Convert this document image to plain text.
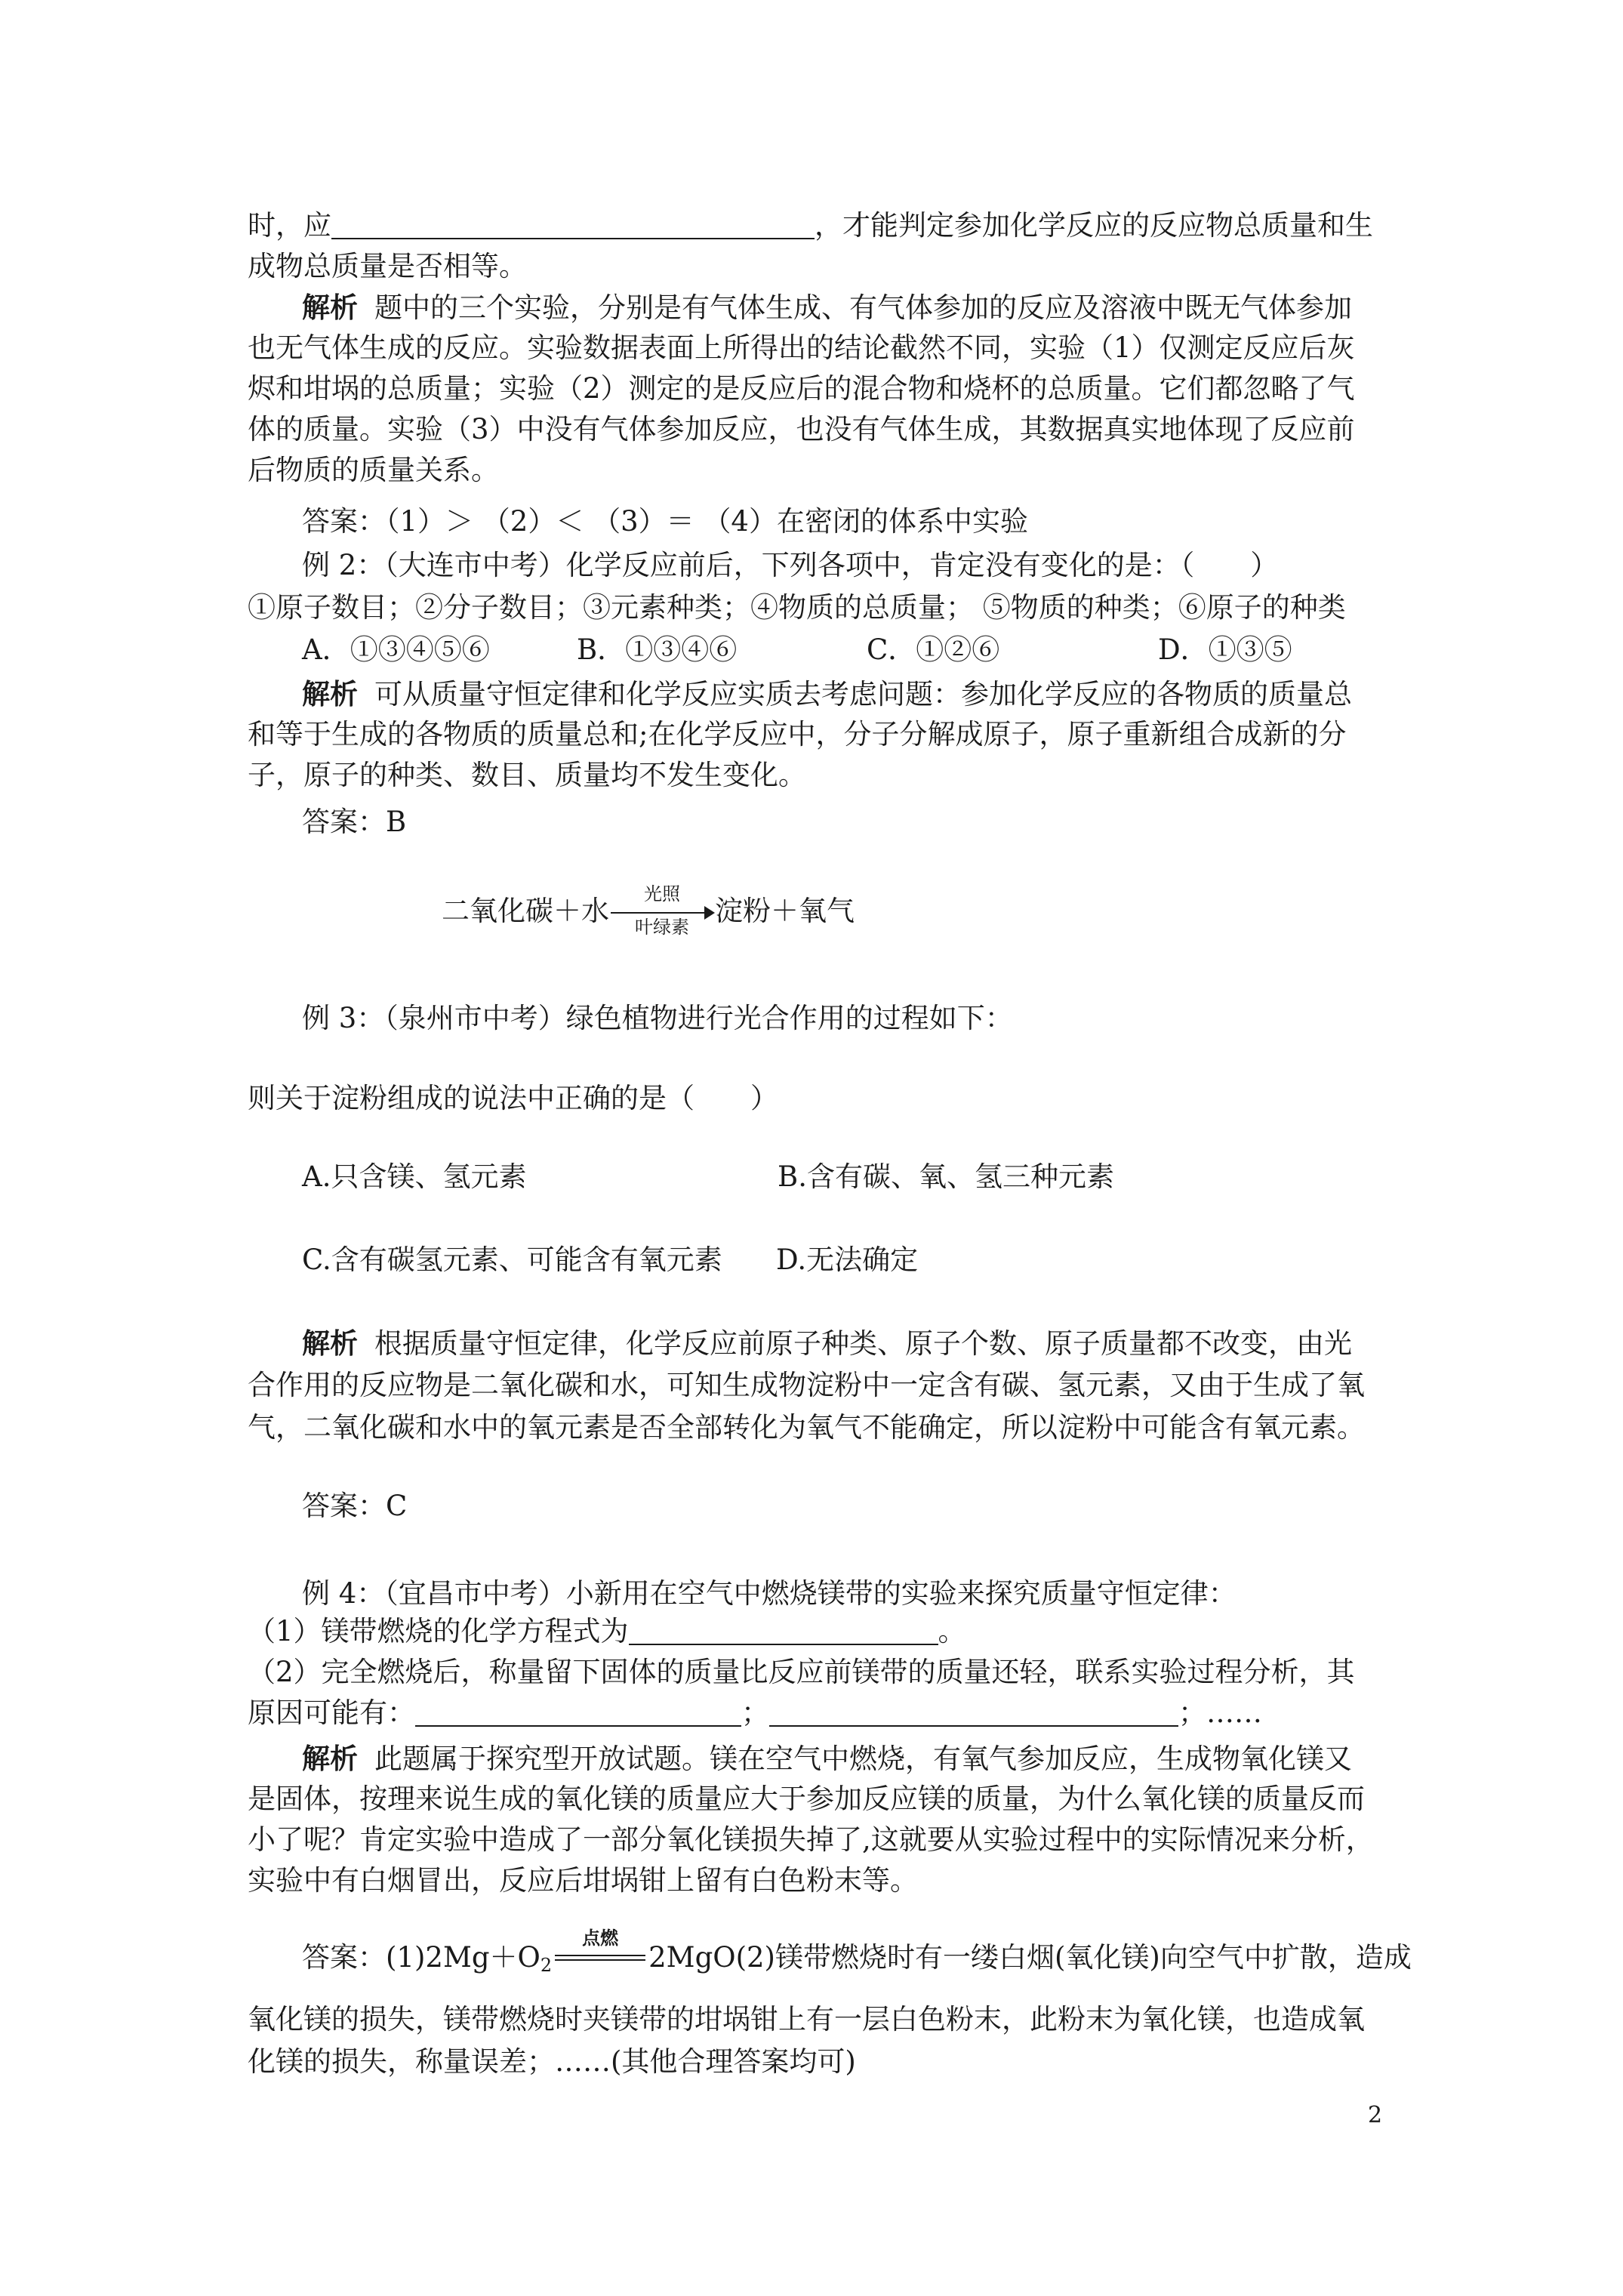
时，应	，才能判定参加化学反应的反应物总质量和生
成物总质量是否相等。
解析 题中的三个实验，分别是有气体生成、有气体参加的反应及溶液中既无气体参加
也无气体生成的反应。实验数据表面上所得出的结论截然不同，实验（1）仅测定反应后灰
烬和坩埚的总质量；实验（2）测定的是反应后的混合物和烧杯的总质量。它们都忽略了气
体的质量。实验（3）中没有气体参加反应，也没有气体生成，其数据真实地体现了反应前
后物质的质量关系。
答案：（1）＞ （2）＜ （3）＝ （4）在密闭的体系中实验
例 2：（大连市中考）化学反应前后，下列各项中，肯定没有变化的是：（　　）
①原子数目；②分子数目；③元素种类；④物质的总质量； ⑤物质的种类；⑥原子的种类
A．①③④⑤⑥	B．①③④⑥	C．①②⑥	D．①③⑤
解析 可从质量守恒定律和化学反应实质去考虑问题：参加化学反应的各物质的质量总
和等于生成的各物质的质量总和;在化学反应中，分子分解成原子，原子重新组合成新的分
子，原子的种类、数目、质量均不发生变化。
答案：B
二氧化碳＋水
光照
叶绿素 淀粉＋氧气
例 3：（泉州市中考）绿色植物进行光合作用的过程如下：
则关于淀粉组成的说法中正确的是（　　）
A.只含镁、氢元素	B.含有碳、氧、氢三种元素
C.含有碳氢元素、可能含有氧元素 D.无法确定
解析 根据质量守恒定律，化学反应前原子种类、原子个数、原子质量都不改变，由光
合作用的反应物是二氧化碳和水，可知生成物淀粉中一定含有碳、氢元素，又由于生成了氧
气，二氧化碳和水中的氧元素是否全部转化为氧气不能确定，所以淀粉中可能含有氧元素。
答案：C
例 4：（宜昌市中考）小新用在空气中燃烧镁带的实验来探究质量守恒定律：
（1）镁带燃烧的化学方程式为	。
（2）完全燃烧后，称量留下固体的质量比反应前镁带的质量还轻，联系实验过程分析，其
原因可能有：	；	；……
解析 此题属于探究型开放试题。镁在空气中燃烧，有氧气参加反应，生成物氧化镁又
是固体，按理来说生成的氧化镁的质量应大于参加反应镁的质量，为什么氧化镁的质量反而
小了呢？肯定实验中造成了一部分氧化镁损失掉了,这就要从实验过程中的实际情况来分析，
实验中有白烟冒出，反应后坩埚钳上留有白色粉末等。
答案：$(1)2Mg+O_2$
点燃
2MgO(2)镁带燃烧时有一缕白烟(氧化镁)向空气中扩散，造成
氧化镁的损失，镁带燃烧时夹镁带的坩埚钳上有一层白色粉末，此粉末为氧化镁，也造成氧
化镁的损失，称量误差；……(其他合理答案均可)
2
